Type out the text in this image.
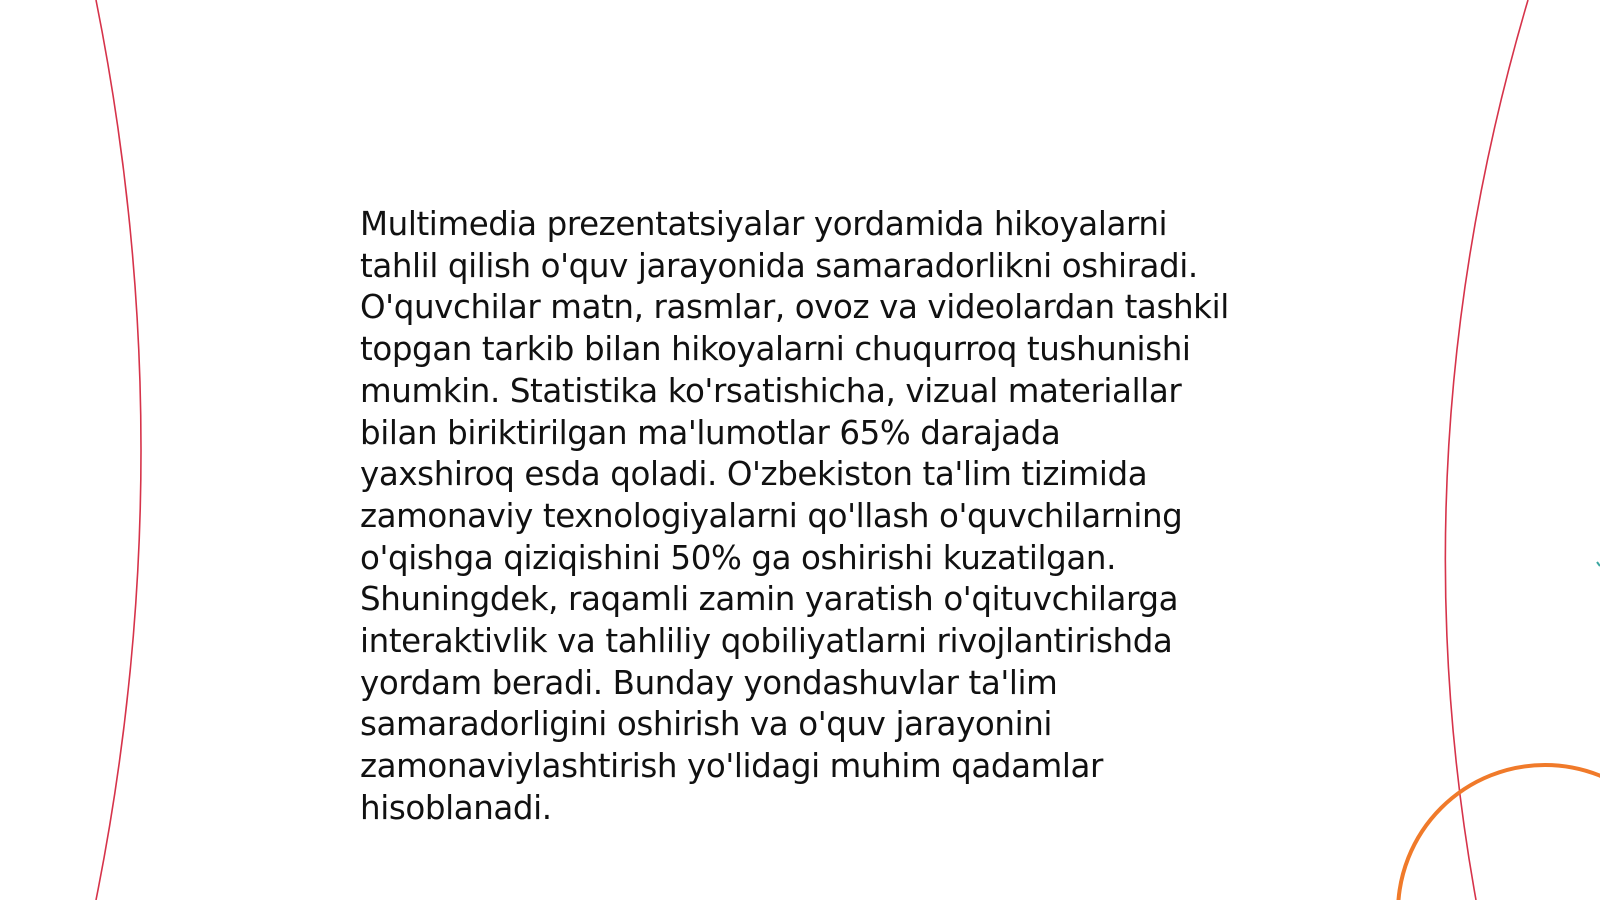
Multimedia prezentatsiyalar yordamida hikoyalarni
tahlil qilish o'quv jarayonida samaradorlikni oshiradi.
O'quvchilar matn, rasmlar, ovoz va videolardan tashkil
topgan tarkib bilan hikoyalarni chuqurroq tushunishi
mumkin. Statistika ko'rsatishicha, vizual materiallar
bilan biriktirilgan ma'lumotlar 65% darajada
yaxshiroq esda qoladi. O'zbekiston ta'lim tizimida
zamonaviy texnologiyalarni qo'llash o'quvchilarning
o'qishga qiziqishini 50% ga oshirishi kuzatilgan.
Shuningdek, raqamli zamin yaratish o'qituvchilarga
interaktivlik va tahliliy qobiliyatlarni rivojlantirishda
yordam beradi. Bunday yondashuvlar ta'lim
samaradorligini oshirish va o'quv jarayonini
zamonaviylashtirish yo'lidagi muhim qadamlar
hisoblanadi.
